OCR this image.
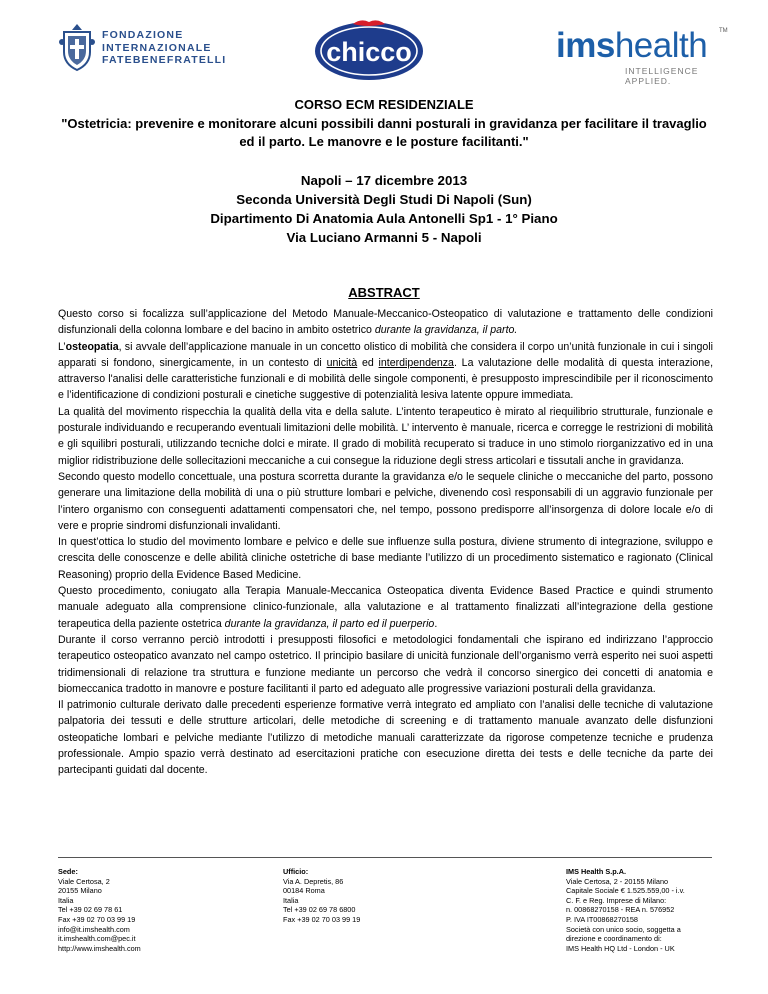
FONDAZIONE
INTERNAZIONALE
FATEBENEFRATELLI	chicco	imshealth	TM
INTELLIGENCE APPLIED.
CORSO ECM RESIDENZIALE
"Ostetricia: prevenire e monitorare alcuni possibili danni posturali in gravidanza per facilitare il travaglio ed il parto. Le manovre e le posture facilitanti."
Napoli – 17 dicembre 2013
Seconda Università Degli Studi Di Napoli (Sun)
Dipartimento Di Anatomia Aula Antonelli Sp1 - 1° Piano
Via Luciano Armanni 5 - Napoli
ABSTRACT

Questo corso si focalizza sull’applicazione del Metodo Manuale-Meccanico-Osteopatico di valutazione e trattamento delle condizioni disfunzionali della colonna lombare e del bacino in ambito ostetrico durante la gravidanza, il parto.

L’osteopatia, si avvale dell’applicazione manuale in un concetto olistico di mobilità che considera il corpo un’unità funzionale in cui i singoli apparati si fondono, sinergicamente, in un contesto di unicità ed interdipendenza. La valutazione delle modalità di questa interazione, attraverso l'analisi delle caratteristiche funzionali e di mobilità delle singole componenti, è presupposto imprescindibile per il riconoscimento e l’identificazione di condizioni posturali e cinetiche suggestive di potenzialità lesiva latente oppure immediata.

La qualità del movimento rispecchia la qualità della vita e della salute. L’intento terapeutico è mirato al riequilibrio strutturale, funzionale e posturale individuando e recuperando eventuali limitazioni delle mobilità. L’ intervento è manuale, ricerca e corregge le restrizioni di mobilità e gli squilibri posturali, utilizzando tecniche dolci e mirate. Il grado di mobilità recuperato si traduce in uno stimolo riorganizzativo ed in una miglior ridistribuzione delle sollecitazioni meccaniche a cui consegue la riduzione degli stress articolari e tissutali anche in gravidanza.

Secondo questo modello concettuale, una postura scorretta durante la gravidanza e/o le sequele cliniche o meccaniche del parto, possono generare una limitazione della mobilità di una o più strutture lombari e pelviche, divenendo così responsabili di un aggravio funzionale per l’intero organismo con conseguenti adattamenti compensatori che, nel tempo, possono predisporre all’insorgenza di dolore locale e/o di vere e proprie sindromi disfunzionali invalidanti.

In quest’ottica lo studio del movimento lombare e pelvico e delle sue influenze sulla postura, diviene strumento di integrazione, sviluppo e crescita delle conoscenze e delle abilità cliniche ostetriche di base mediante l’utilizzo di un procedimento sistematico e ragionato (Clinical Reasoning) proprio della Evidence Based Medicine.

Questo procedimento, coniugato alla Terapia Manuale-Meccanica Osteopatica diventa Evidence Based Practice e quindi strumento manuale adeguato alla comprensione clinico-funzionale, alla valutazione e al trattamento finalizzati all’integrazione della gestione terapeutica della paziente ostetrica durante la gravidanza, il parto ed il puerperio.

Durante il corso verranno perciò introdotti i presupposti filosofici e metodologici fondamentali che ispirano ed indirizzano l’approccio terapeutico osteopatico avanzato nel campo ostetrico. Il principio basilare di unicità funzionale dell’organismo verrà esperito nei suoi aspetti tridimensionali di relazione tra struttura e funzione mediante un percorso che vedrà il concorso sinergico dei concetti di anatomia e biomeccanica tradotto in manovre e posture facilitanti il parto ed adeguato alle progressive variazioni posturali della gravidanza.

Il patrimonio culturale derivato dalle precedenti esperienze formative verrà integrato ed ampliato con l’analisi delle tecniche di valutazione palpatoria dei tessuti e delle strutture articolari, delle metodiche di screening e di trattamento manuale avanzato delle disfunzioni osteopatiche lombari e pelviche mediante l’utilizzo di metodiche manuali caratterizzate da rigorose competenze tecniche e prudenza professionale. Ampio spazio verrà destinato ad esercitazioni pratiche con esecuzione diretta dei tests e delle tecniche da parte dei partecipanti guidati dal docente.

Sede:
Viale Certosa, 2
20155 Milano
Italia
Tel +39 02 69 78 61
Fax +39 02 70 03 99 19
info@it.imshealth.com
it.imshealth.com@pec.it
http://www.imshealth.com
Ufficio:
Via A. Depretis, 86
00184 Roma
Italia
Tel +39 02 69 78 6800
Fax +39 02 70 03 99 19
IMS Health S.p.A.
Viale Certosa, 2 - 20155 Milano
Capitale Sociale € 1.525.559,00 - i.v.
C. F. e Reg. Imprese di Milano:
n. 00868270158 - REA n. 576952
P. IVA IT00868270158
Società con unico socio, soggetta a
direzione e coordinamento di:
IMS Health HQ Ltd - London - UK
